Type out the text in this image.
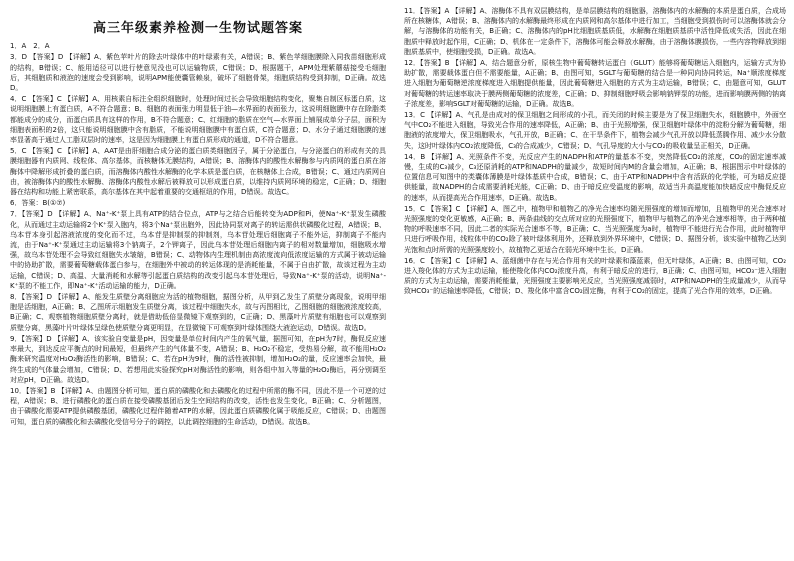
高三年级素养检测一生物试题答案
1．A　2．A
3．D 【答案】D 【详解】A、紫色苹叶片的除去叶绿体中的叶绿素有关，A错误；B、紫色苹细胞膜除入同我苗细胞形成的结构，B错误；C、能用适径可以进行使意见没也可以运输物质，C错误；D、根据题干，APM处理紫蘑菇接受毛细胞后，其细胞质和液泡的速度会受到影响，说明APM能使囊管赖泉，破坏了细胞骨架，细胞质结构受到抑制，D正确。故选D。
4．C 【答案】C 【详解】A、用核素自标注全组织细胞时，处理时间过长会导致细胞结构变化，聚集自制区标蛋白质，这说明细胞膜上有蛋白质，A不符合题意；B、细胞的表面张力明显低于油—水界面的表面张力，这说明细胞膜中存在除脂类都能成分的成分，而蛋白质具有这样的作用，B不符合题意；C、红细胞的脂质在空气—水界面上铺展成单分子层，面积为细胞表面积的2倍，这只能说明细胞膜中含有脂质，不能说明细胞膜中有蛋白质，C符合题意；D、水分子通过细胞膜的速率显著高于通过人工脂双层时的速率，这是因为细胞膜上有蛋白质形成的通道，D不符合题意。
5．C 【答案】C 【详解】A、AAT是由肝细胞合成分泌的蛋白质类细胞因子，属于分泌蛋白，与分泌蛋白的形成有关的具膜细胞器有内质网、线粒体、高尔基体，而核糖体无膜结构，A错误；B、溶酶体内的酸性水解酶参与内质网的蛋白质在溶酶体中降解形成折叠的蛋白质，而溶酶体内酸性水解酶的化学本质是蛋白质，在核糖体上合成，B错误；C、通过内质网自由，被溶酶体内的酸性水解酶、溶酶体内酸性水解后被释放可以形成蛋白质，以维持内质网环境的稳定，C正确；D、细胞器在结构和功能上紧密联系，高尔基体在其中起着重要的交通枢纽的作用，D错误。故选C。
6．答案：B(①⑦)
7．【答案】D 【详解】A、Na⁺-K⁺泵上具有ATP的结合位点，ATP与之结合后能转变为ADP和Pi，使Na⁺-K⁺泵发生磷酸化，从而通过主动运输将2个K⁺泵入胞内，将3个Na⁺泵出胞外，因此协同泵对离子的转运需供状磷酸化过程，A错误；B、乌本苷本身引起溶液浓度的变化而不过，乌本苷是抑制泵的抑制剂，乌本苷处理后细胞离子不能外运，抑制离子不能内流，由于Na⁺-K⁺泵通过主动运输将3个钠离子，2个钾离子，因此乌本苷处理后细胞内离子的相对数量增加，细胞吸水增强，故乌本苷处理不会导致红细胞失水皱缩，B错误；C、动物体内生理机制由高浓度流向低浓度运输的方式属于被动运输中的协助扩散，需要葡萄糖载体蛋白参与，在细胞外中被动的转运体现的是消耗能量，不属于自由扩散，故该过程为主动运输，C错误；D、高温、大量消耗和水解等引起蛋白质结构的改变引起乌本苷处理后，导致Na⁺-K⁺泵的活动，说明Na⁺-K⁺泵的不能工作，即Na⁺-K⁺活动运输的能力，D正确。
8．【答案】D 【详解】A、能发生质壁分离细胞应为活的植物细胞，据图分析，从甲到乙发生了质壁分离现象，说明甲细胞是活细胞，A正确；B、乙图所示细胞发生质壁分离，该过程中细胞失水，故与丙图相比，乙图细胞的细胞液浓度较高，B正确；C、观察植物细胞质壁分离时，就是借助低倍显微镜下观察到的，C正确；D、黑藻叶片质壁有细胞也可以观察到质壁分离，黑藻叶片叶绿体呈绿色使质壁分离更明显，在显微镜下可观察到叶绿体围绕大液泡运动，D错误。故选D。
9．【答案】D 【详解】A、该实验自变量是pH，因变量是单位时间内产生的氧气量，据图可知，在pH为7时，酶促反应速率最大，到达反应平衡点的时间最短，但最终产生的气体量不变，A错误；B、H₂O₂不稳定，受热易分解，故不能用H₂O₂酶来研究温度对H₂O₂酶活性的影响，B错误；C、若在pH为9时，酶的活性被抑制，增加H₂O₂的量，反应速率会加快，最终生成的气体量会增加，C错误；D、若想用此实验探究pH对酶活性的影响，则各组中加入等量的H₂O₂酶后，再分别调至对应pH，D正确。故选D。
10．【答案】B 【详解】A、由题图分析可知，蛋白质的磷酸化和去磷酸化的过程中所需的酶不同，因此不是一个可逆的过程，A错误；B、进行磷酸化的蛋白质在接受磷酸基团后发生空间结构的改变，活性也发生变化，B正确；C、分析题图，由于磷酸化需要ATP提供磷酸基团，磷酸化过程伴随着ATP的水解，因此蛋白质磷酸化属于吸能反应，C错误；D、由题图可知，蛋白质的磷酸化和去磷酸化受信号分子的调控，以此调控细胞的生命活动，D错误。故选B。
11．【答案】A 【详解】A、溶酶体不具有双层膜结构，是单层膜结构的细胞器，溶酶体内的水解酶的本质是蛋白质，合成场所在核糖体，A错误；B、溶酶体内的水解酶最终形成在内质网和高尔基体中进行加工，当细胞受到损伤时可以溶酶体就会分解，与溶酶体的功能有关，B正确；C、溶酶体内的pH比细胞质基质低，水解酶在细胞质基质中活性降低或失活，因此在细胞质中释放时起作用，C正确；D、机体在一定条件下，溶酶体可能会释放水解酶，由于溶酶体膜损伤，一些内容物释放到细胞质基质中，使细胞受损，D正确。故选A。
12．【答案】B 【详解】A、结合题意分析，原核生物中葡萄糖转运蛋白（GLUT）能够将葡萄糖运入细胞内，运输方式为协助扩散，需要载体蛋白但不需要能量，A正确；B、由图可知，SGLT与葡萄糖的结合是一种同向协同转运，Na⁺顺浓度梯度进入细胞为葡萄糖逆浓度梯度进入细胞提供能量，因此葡萄糖进入细胞的方式为主动运输，B错误；C、由题意可知，GLUT对葡萄糖的转运速率取决于膜两侧葡萄糖的浓度差，C正确；D、抑制细胞呼吸会影响钠钾泵的功能，进而影响膜两侧的钠离子浓度差，影响SGLT对葡萄糖的运输，D正确。故选B。
13．C 【详解】A、气孔是由成对的保卫细胞之间形成的小孔，而关闭的时候主要是为了保卫细胞失水，细胞膜中，外面空气中CO₂不能进入细胞，导致光合作用的速率降低，A正确；B、由于光照增强，保卫细胞叶绿体中的淀粉分解为葡萄糖，细胞液的浓度增大，保卫细胞吸水，气孔开放，B正确；C、在干旱条件下，植物会减少气孔开放以降低蒸腾作用、减少水分散失，这时叶绿体内CO₂浓度降低，C₃的合成减少，C错误；D、气孔导度的大小与CO₂的吸收量呈正相关，D正确。
14．B 【详解】A、光照条件不变，光反应产生的NADPH和ATP的量基本不变，突然降低CO₂的浓度，CO₂的固定速率减慢，生成的C₃减少，C₃还原消耗的ATP和NADPH的量减少，故短时间内M的含量会增加，A正确；B、根据图示中叶绿体的位置信息可知图中的类囊体薄膜是叶绿体基质中合成，B错误；C、由于ATP和NADPH中含有活跃的化学能，可为暗反应提供能量，故NADPH的合成需要消耗光能，C正确；D、由于暗反应受温度的影响，故适当升高温度能加快暗反应中酶促反应的速率，从而提高光合作用速率，D正确。故选B。
15．C 【答案】C 【详解】A、图乙中，植物甲和植物乙的净光合速率均随光照强度的增加而增加，且植物甲的光合速率对光照强度的变化更敏感，A正确；B、两条曲线的交点所对应的光照强度下，植物甲与植物乙的净光合速率相等，由于两种植物的呼吸速率不同，因此二者的实际光合速率不等，B正确；C、当光照强度为a时，植物甲不能进行光合作用，此时植物甲只进行呼吸作用，线粒体中的CO₂除了被叶绿体利用外，还释放到外界环境中，C错误；D、据图分析，该实验中植物乙达到光饱和点时所需的光照强度较小，故植物乙更适合在弱光环境中生长，D正确。
16．C 【答案】C 【详解】A、蓝细菌中存在与光合作用有关的叶绿素和藻蓝素，但无叶绿体，A正确；B、由图可知，CO₂进入羧化体的方式为主动运输，能使羧化体内CO₂浓度升高，有利于暗反应的进行，B正确；C、由图可知，HCO₃⁻进入细胞质的方式为主动运输，需要消耗能量，光照强度主要影响光反应，当光照强度减弱时，ATP和NADPH的生成量减少，从而导致HCO₃⁻的运输速率降低，C错误；D、羧化体中富含CO₂固定酶，有利于CO₂的固定，提高了光合作用的效率，D正确。
